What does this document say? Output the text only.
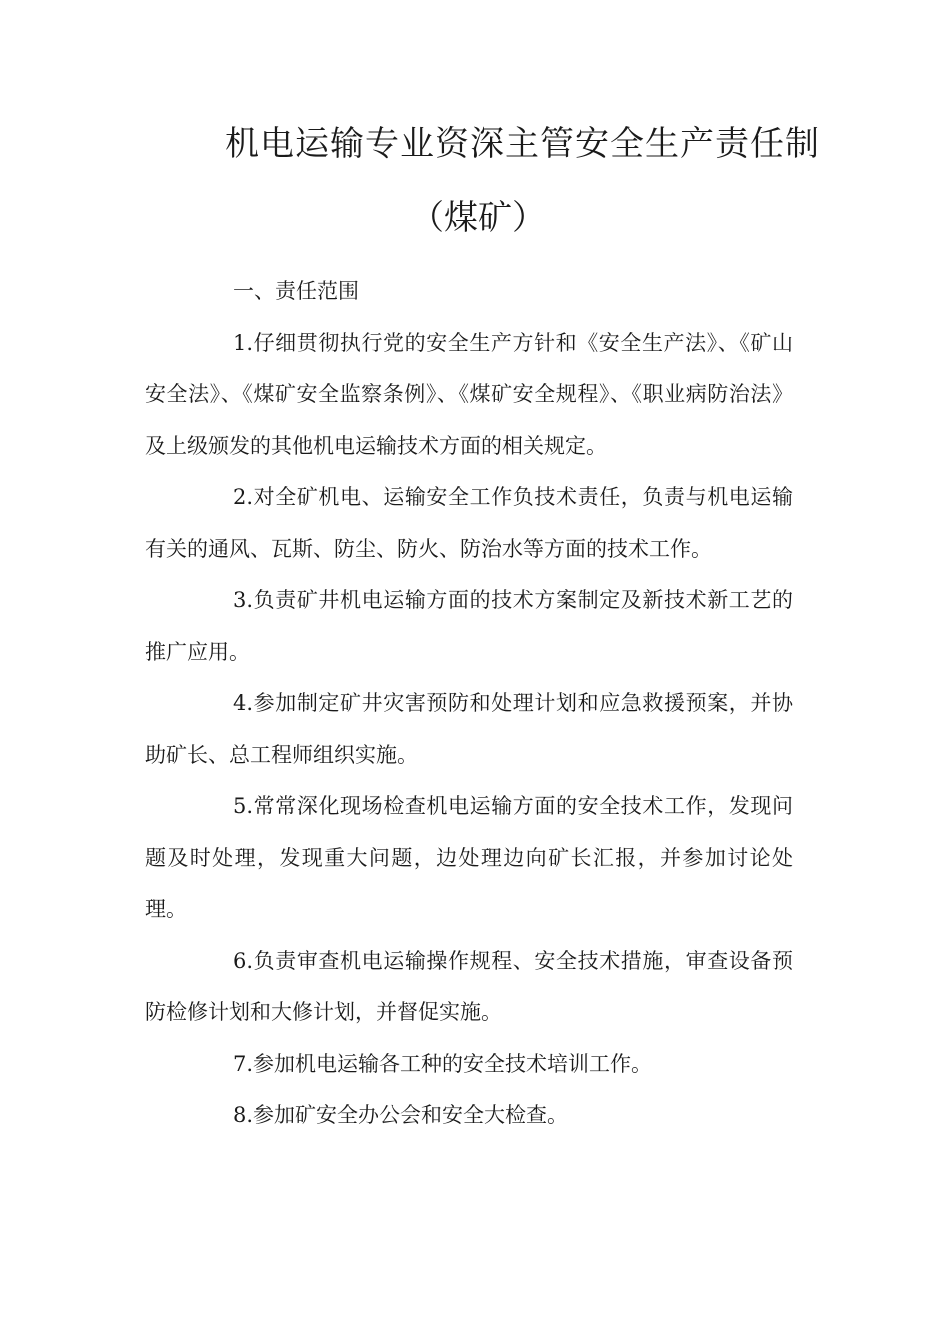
机电运输专业资深主管安全生产责任制
（煤矿）

一、责任范围

1.仔细贯彻执行党的安全生产方针和《安全生产法》、《矿山安全法》、《煤矿安全监察条例》、《煤矿安全规程》、《职业病防治法》及上级颁发的其他机电运输技术方面的相关规定。

2.对全矿机电、运输安全工作负技术责任，负责与机电运输有关的通风、瓦斯、防尘、防火、防治水等方面的技术工作。

3.负责矿井机电运输方面的技术方案制定及新技术新工艺的推广应用。

4.参加制定矿井灾害预防和处理计划和应急救援预案，并协助矿长、总工程师组织实施。

5.常常深化现场检查机电运输方面的安全技术工作，发现问题及时处理，发现重大问题，边处理边向矿长汇报，并参加讨论处理。

6.负责审查机电运输操作规程、安全技术措施，审查设备预防检修计划和大修计划，并督促实施。

7.参加机电运输各工种的安全技术培训工作。

8.参加矿安全办公会和安全大检查。
